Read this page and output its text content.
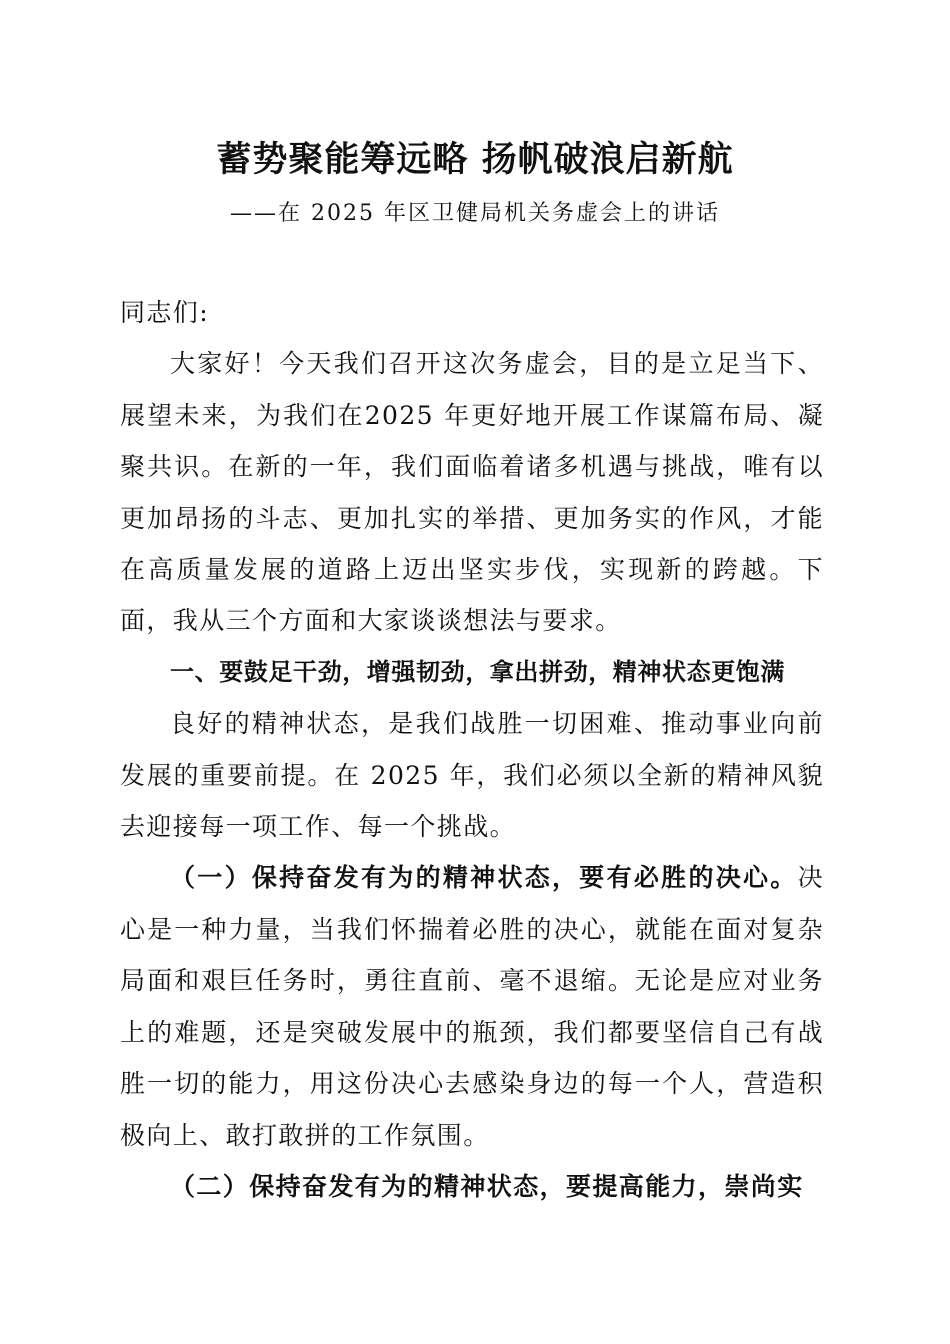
蓄势聚能筹远略 扬帆破浪启新航
——在 2025 年区卫健局机关务虚会上的讲话

同志们:

大家好！今天我们召开这次务虚会，目的是立足当下、展望未来，为我们在2025 年更好地开展工作谋篇布局、凝聚共识。在新的一年，我们面临着诸多机遇与挑战，唯有以更加昂扬的斗志、更加扎实的举措、更加务实的作风，才能在高质量发展的道路上迈出坚实步伐，实现新的跨越。下面，我从三个方面和大家谈谈想法与要求。

一、要鼓足干劲，增强韧劲，拿出拼劲，精神状态更饱满

良好的精神状态，是我们战胜一切困难、推动事业向前发展的重要前提。在 2025 年，我们必须以全新的精神风貌去迎接每一项工作、每一个挑战。

（一）保持奋发有为的精神状态，要有必胜的决心。决心是一种力量，当我们怀揣着必胜的决心，就能在面对复杂局面和艰巨任务时，勇往直前、毫不退缩。无论是应对业务上的难题，还是突破发展中的瓶颈，我们都要坚信自己有战胜一切的能力，用这份决心去感染身边的每一个人，营造积极向上、敢打敢拼的工作氛围。

（二）保持奋发有为的精神状态，要提高能力，崇尚实
